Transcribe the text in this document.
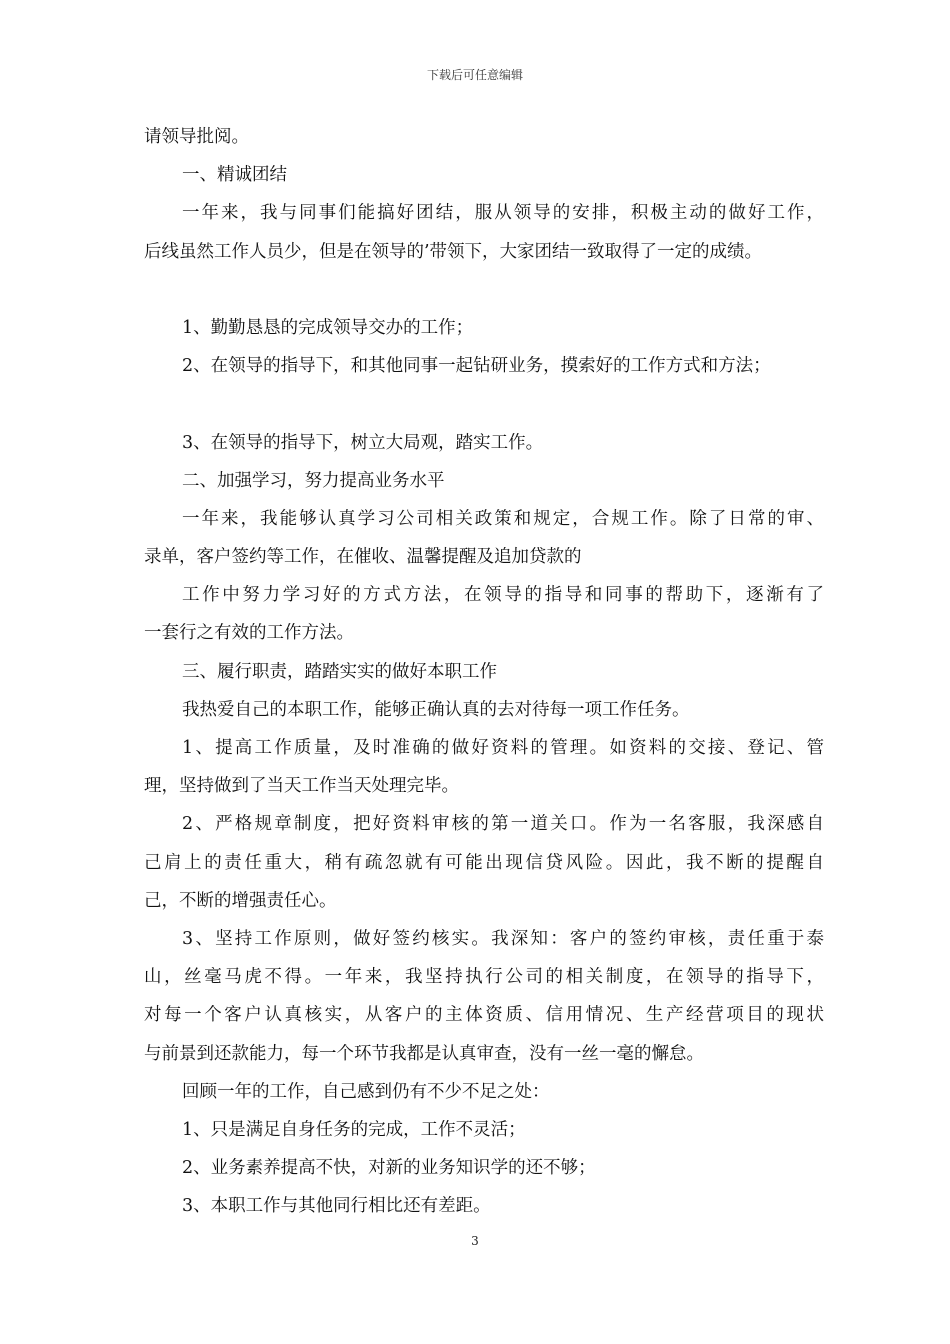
下载后可任意编辑
请领导批阅。
一、精诚团结
一年来，我与同事们能搞好团结，服从领导的安排，积极主动的做好工作，
后线虽然工作人员少，但是在领导的’带领下，大家团结一致取得了一定的成绩。
1、勤勤恳恳的完成领导交办的工作；
2、在领导的指导下，和其他同事一起钻研业务，摸索好的工作方式和方法；
3、在领导的指导下，树立大局观，踏实工作。
二、加强学习，努力提高业务水平
一年来，我能够认真学习公司相关政策和规定，合规工作。除了日常的审、
录单，客户签约等工作，在催收、温馨提醒及追加贷款的
工作中努力学习好的方式方法，在领导的指导和同事的帮助下，逐渐有了
一套行之有效的工作方法。
三、履行职责，踏踏实实的做好本职工作
我热爱自己的本职工作，能够正确认真的去对待每一项工作任务。
1、提高工作质量，及时准确的做好资料的管理。如资料的交接、登记、管
理，坚持做到了当天工作当天处理完毕。
2、严格规章制度，把好资料审核的第一道关口。作为一名客服，我深感自
己肩上的责任重大，稍有疏忽就有可能出现信贷风险。因此，我不断的提醒自
己，不断的增强责任心。
3、坚持工作原则，做好签约核实。我深知：客户的签约审核，责任重于泰
山，丝毫马虎不得。一年来，我坚持执行公司的相关制度，在领导的指导下，
对每一个客户认真核实，从客户的主体资质、信用情况、生产经营项目的现状
与前景到还款能力，每一个环节我都是认真审查，没有一丝一毫的懈怠。
回顾一年的工作，自己感到仍有不少不足之处：
1、只是满足自身任务的完成，工作不灵活；
2、业务素养提高不快，对新的业务知识学的还不够；
3、本职工作与其他同行相比还有差距。
3
